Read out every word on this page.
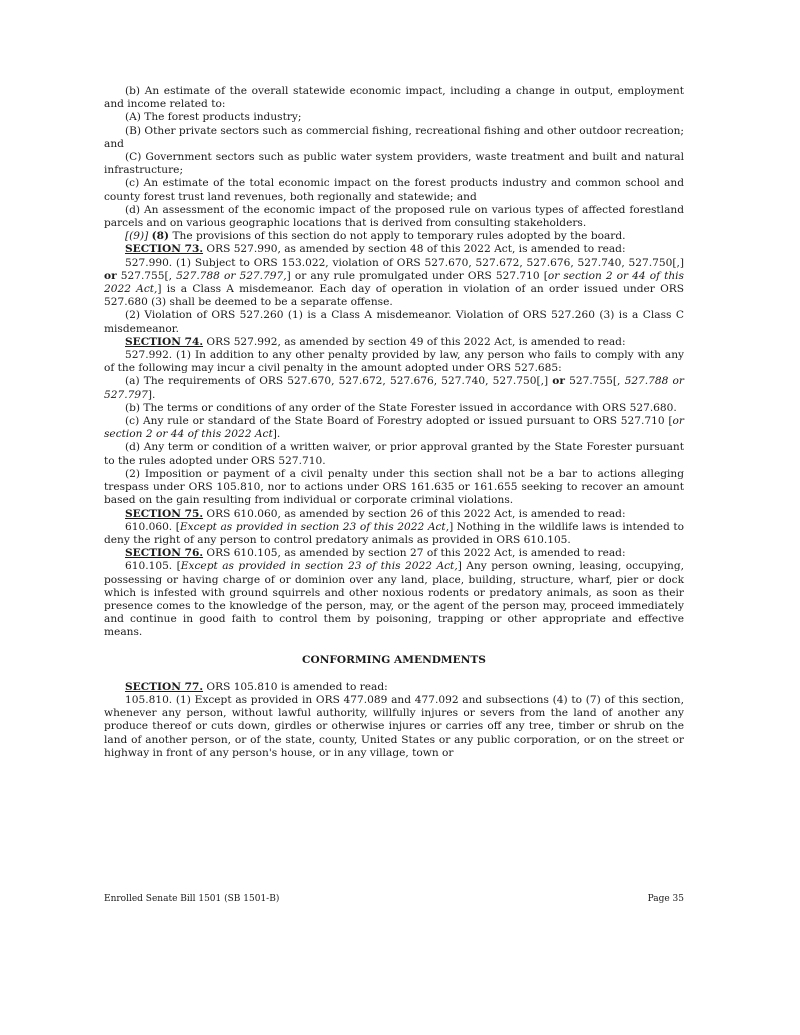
(b) An estimate of the overall statewide economic impact, including a change in output, employment and income related to:

(A) The forest products industry;

(B) Other private sectors such as commercial fishing, recreational fishing and other outdoor recreation; and

(C) Government sectors such as public water system providers, waste treatment and built and natural infrastructure;

(c) An estimate of the total economic impact on the forest products industry and common school and county forest trust land revenues, both regionally and statewide; and

(d) An assessment of the economic impact of the proposed rule on various types of affected forestland parcels and on various geographic locations that is derived from consulting stakeholders.

[(9)] (8) The provisions of this section do not apply to temporary rules adopted by the board.

SECTION 73. ORS 527.990, as amended by section 48 of this 2022 Act, is amended to read:

527.990. (1) Subject to ORS 153.022, violation of ORS 527.670, 527.672, 527.676, 527.740, 527.750[,] or 527.755[, 527.788 or 527.797,] or any rule promulgated under ORS 527.710 [or section 2 or 44 of this 2022 Act,] is a Class A misdemeanor. Each day of operation in violation of an order issued under ORS 527.680 (3) shall be deemed to be a separate offense.

(2) Violation of ORS 527.260 (1) is a Class A misdemeanor. Violation of ORS 527.260 (3) is a Class C misdemeanor.

SECTION 74. ORS 527.992, as amended by section 49 of this 2022 Act, is amended to read:

527.992. (1) In addition to any other penalty provided by law, any person who fails to comply with any of the following may incur a civil penalty in the amount adopted under ORS 527.685:

(a) The requirements of ORS 527.670, 527.672, 527.676, 527.740, 527.750[,] or 527.755[, 527.788 or 527.797].

(b) The terms or conditions of any order of the State Forester issued in accordance with ORS 527.680.

(c) Any rule or standard of the State Board of Forestry adopted or issued pursuant to ORS 527.710 [or section 2 or 44 of this 2022 Act].

(d) Any term or condition of a written waiver, or prior approval granted by the State Forester pursuant to the rules adopted under ORS 527.710.

(2) Imposition or payment of a civil penalty under this section shall not be a bar to actions alleging trespass under ORS 105.810, nor to actions under ORS 161.635 or 161.655 seeking to recover an amount based on the gain resulting from individual or corporate criminal violations.

SECTION 75. ORS 610.060, as amended by section 26 of this 2022 Act, is amended to read:

610.060. [Except as provided in section 23 of this 2022 Act,] Nothing in the wildlife laws is intended to deny the right of any person to control predatory animals as provided in ORS 610.105.

SECTION 76. ORS 610.105, as amended by section 27 of this 2022 Act, is amended to read:

610.105. [Except as provided in section 23 of this 2022 Act,] Any person owning, leasing, occupying, possessing or having charge of or dominion over any land, place, building, structure, wharf, pier or dock which is infested with ground squirrels and other noxious rodents or predatory animals, as soon as their presence comes to the knowledge of the person, may, or the agent of the person may, proceed immediately and continue in good faith to control them by poisoning, trapping or other appropriate and effective means.

CONFORMING AMENDMENTS

SECTION 77. ORS 105.810 is amended to read:

105.810. (1) Except as provided in ORS 477.089 and 477.092 and subsections (4) to (7) of this section, whenever any person, without lawful authority, willfully injures or severs from the land of another any produce thereof or cuts down, girdles or otherwise injures or carries off any tree, timber or shrub on the land of another person, or of the state, county, United States or any public corporation, or on the street or highway in front of any person's house, or in any village, town or

Enrolled Senate Bill 1501 (SB 1501-B)	Page 35
